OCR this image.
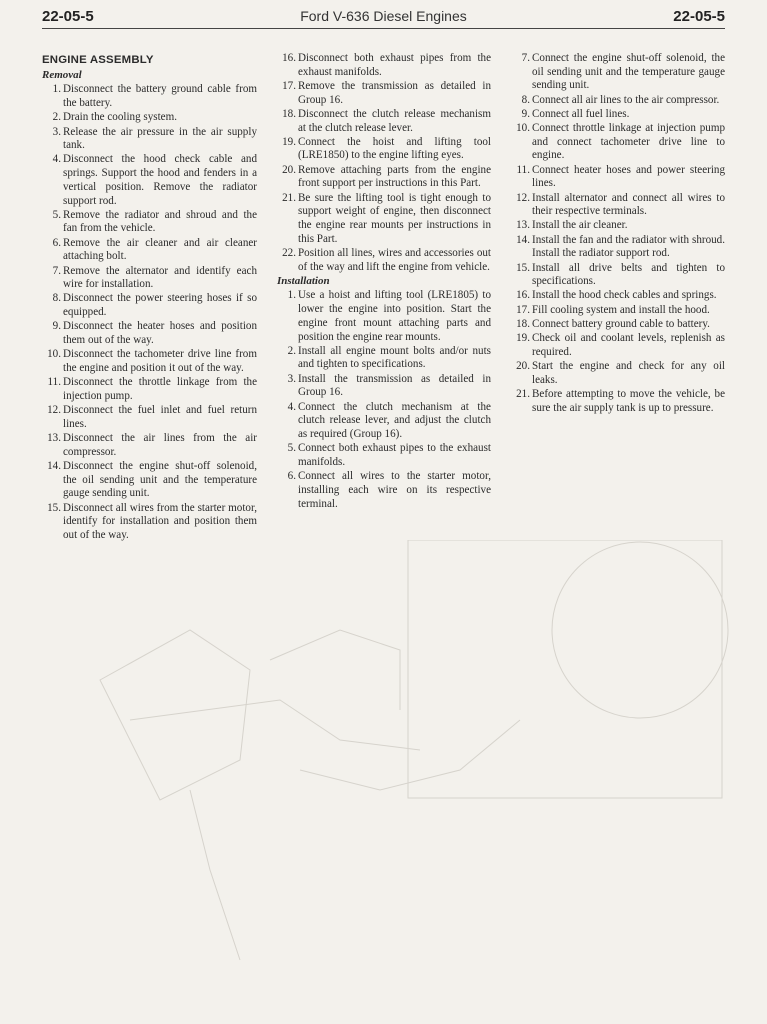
22-05-5	Ford V-636 Diesel Engines	22-05-5
ENGINE ASSEMBLY
Removal
1. Disconnect the battery ground cable from the battery.
2. Drain the cooling system.
3. Release the air pressure in the air supply tank.
4. Disconnect the hood check cable and springs. Support the hood and fenders in a vertical position. Remove the radiator support rod.
5. Remove the radiator and shroud and the fan from the vehicle.
6. Remove the air cleaner and air cleaner attaching bolt.
7. Remove the alternator and identify each wire for installation.
8. Disconnect the power steering hoses if so equipped.
9. Disconnect the heater hoses and position them out of the way.
10. Disconnect the tachometer drive line from the engine and position it out of the way.
11. Disconnect the throttle linkage from the injection pump.
12. Disconnect the fuel inlet and fuel return lines.
13. Disconnect the air lines from the air compressor.
14. Disconnect the engine shut-off solenoid, the oil sending unit and the temperature gauge sending unit.
15. Disconnect all wires from the starter motor, identify for installation and position them out of the way.
16. Disconnect both exhaust pipes from the exhaust manifolds.
17. Remove the transmission as detailed in Group 16.
18. Disconnect the clutch release mechanism at the clutch release lever.
19. Connect the hoist and lifting tool (LRE1850) to the engine lifting eyes.
20. Remove attaching parts from the engine front support per instructions in this Part.
21. Be sure the lifting tool is tight enough to support weight of engine, then disconnect the engine rear mounts per instructions in this Part.
22. Position all lines, wires and accessories out of the way and lift the engine from vehicle.
Installation
1. Use a hoist and lifting tool (LRE1805) to lower the engine into position. Start the engine front mount attaching parts and position the engine rear mounts.
2. Install all engine mount bolts and/or nuts and tighten to specifications.
3. Install the transmission as detailed in Group 16.
4. Connect the clutch mechanism at the clutch release lever, and adjust the clutch as required (Group 16).
5. Connect both exhaust pipes to the exhaust manifolds.
6. Connect all wires to the starter motor, installing each wire on its respective terminal.
7. Connect the engine shut-off solenoid, the oil sending unit and the temperature gauge sending unit.
8. Connect all air lines to the air compressor.
9. Connect all fuel lines.
10. Connect throttle linkage at injection pump and connect tachometer drive line to engine.
11. Connect heater hoses and power steering lines.
12. Install alternator and connect all wires to their respective terminals.
13. Install the air cleaner.
14. Install the fan and the radiator with shroud. Install the radiator support rod.
15. Install all drive belts and tighten to specifications.
16. Install the hood check cables and springs.
17. Fill cooling system and install the hood.
18. Connect battery ground cable to battery.
19. Check oil and coolant levels, replenish as required.
20. Start the engine and check for any oil leaks.
21. Before attempting to move the vehicle, be sure the air supply tank is up to pressure.
